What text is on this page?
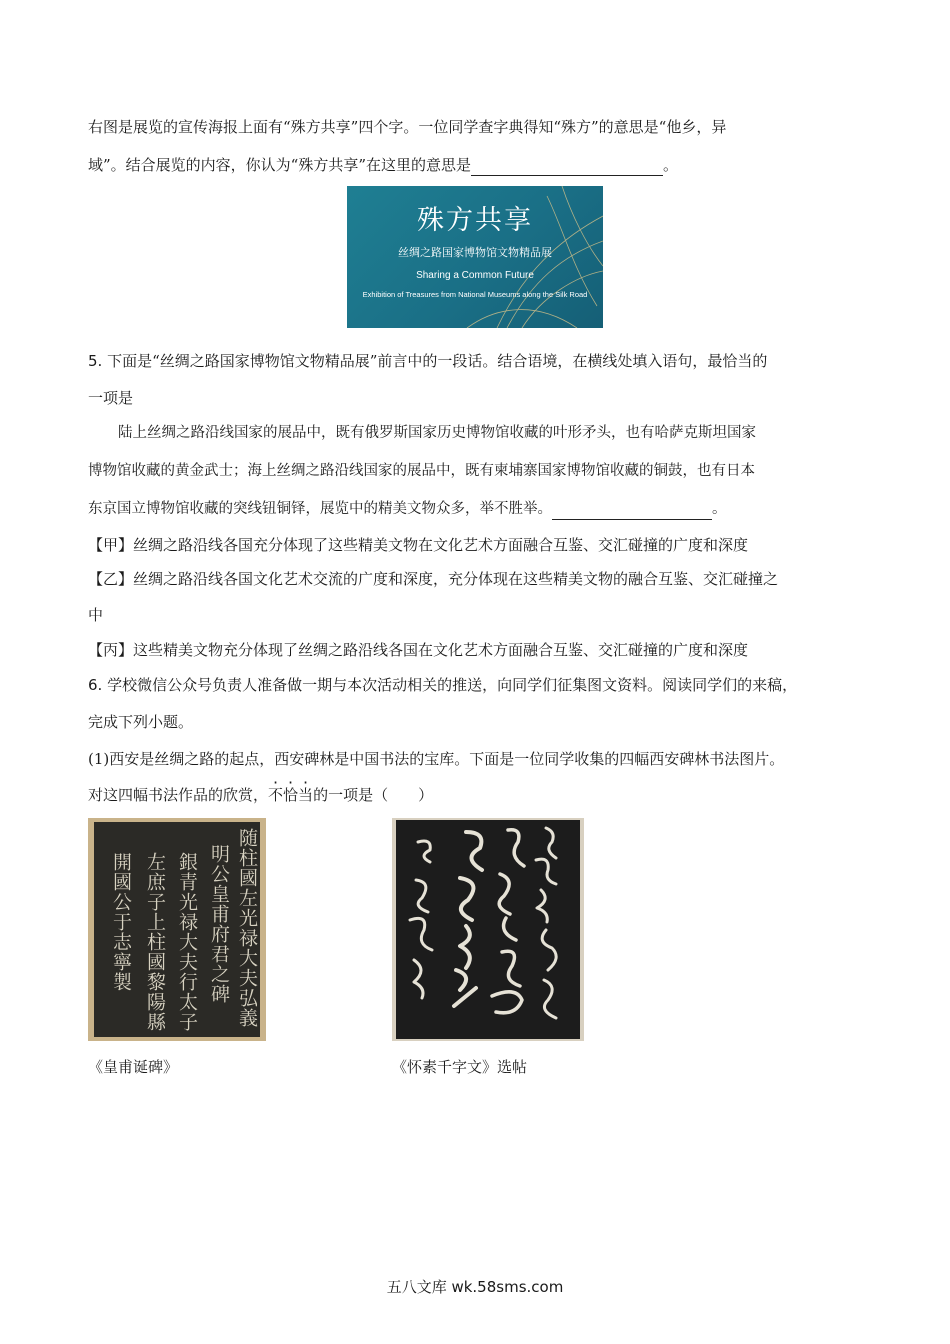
右图是展览的宣传海报上面有“殊方共享”四个字。一位同学查字典得知“殊方”的意思是“他乡，异
域”。结合展览的内容，你认为“殊方共享”在这里的意思是	。
殊方共享
丝绸之路国家博物馆文物精品展
Sharing a Common Future
Exhibition of Treasures from National Museums along the Silk Road
5. 下面是“丝绸之路国家博物馆文物精品展”前言中的一段话。结合语境，在横线处填入语句，最恰当的
一项是
陆上丝绸之路沿线国家的展品中，既有俄罗斯国家历史博物馆收藏的叶形矛头，也有哈萨克斯坦国家
博物馆收藏的黄金武士；海上丝绸之路沿线国家的展品中，既有柬埔寨国家博物馆收藏的铜鼓，也有日本
东京国立博物馆收藏的突线钮铜铎，展览中的精美文物众多，举不胜举。	。
【甲】丝绸之路沿线各国充分体现了这些精美文物在文化艺术方面融合互鉴、交汇碰撞的广度和深度
【乙】丝绸之路沿线各国文化艺术交流的广度和深度，充分体现在这些精美文物的融合互鉴、交汇碰撞之
中
【丙】这些精美文物充分体现了丝绸之路沿线各国在文化艺术方面融合互鉴、交汇碰撞的广度和深度
6. 学校微信公众号负责人准备做一期与本次活动相关的推送，向同学们征集图文资料。阅读同学们的来稿，
完成下列小题。
(1)西安是丝绸之路的起点，西安碑林是中国书法的宝库。下面是一位同学收集的四幅西安碑林书法图片。
对这四幅书法作品的欣赏，不恰当的一项是（　　）
随柱國左光禄大夫弘義
明公皇甫府君之碑
銀青光禄大夫行太子
左庶子上柱國黎陽縣
開國公于志寧製
《皇甫诞碑》	《怀素千字文》选帖
五八文库 wk.58sms.com
